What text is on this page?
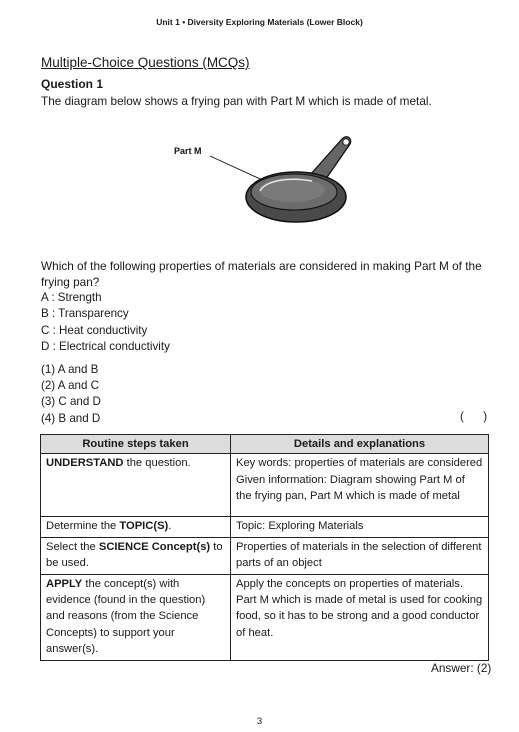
Unit 1 • Diversity Exploring Materials (Lower Block)
Multiple-Choice Questions (MCQs)
Question 1
The diagram below shows a frying pan with Part M which is made of metal.
Part M
Which of the following properties of materials are considered in making Part M of the frying pan?
A : Strength
B : Transparency
C : Heat conductivity
D : Electrical conductivity
(1) A and B
(2) A and C
(3) C and D
(4) B and D	(      )
Routine steps taken	Details and explanations
UNDERSTAND the question.	Key words: properties of materials are considered
Given information: Diagram showing Part M of the frying pan, Part M which is made of metal

Determine the TOPIC(S).	Topic: Exploring Materials

Select the SCIENCE Concept(s) to be used.	Properties of materials in the selection of different parts of an object

APPLY the concept(s) with evidence (found in the question) and reasons (from the Science Concepts) to support your answer(s).	Apply the concepts on properties of materials. Part M which is made of metal is used for cooking food, so it has to be strong and a good conductor of heat.
Answer: (2)
3
